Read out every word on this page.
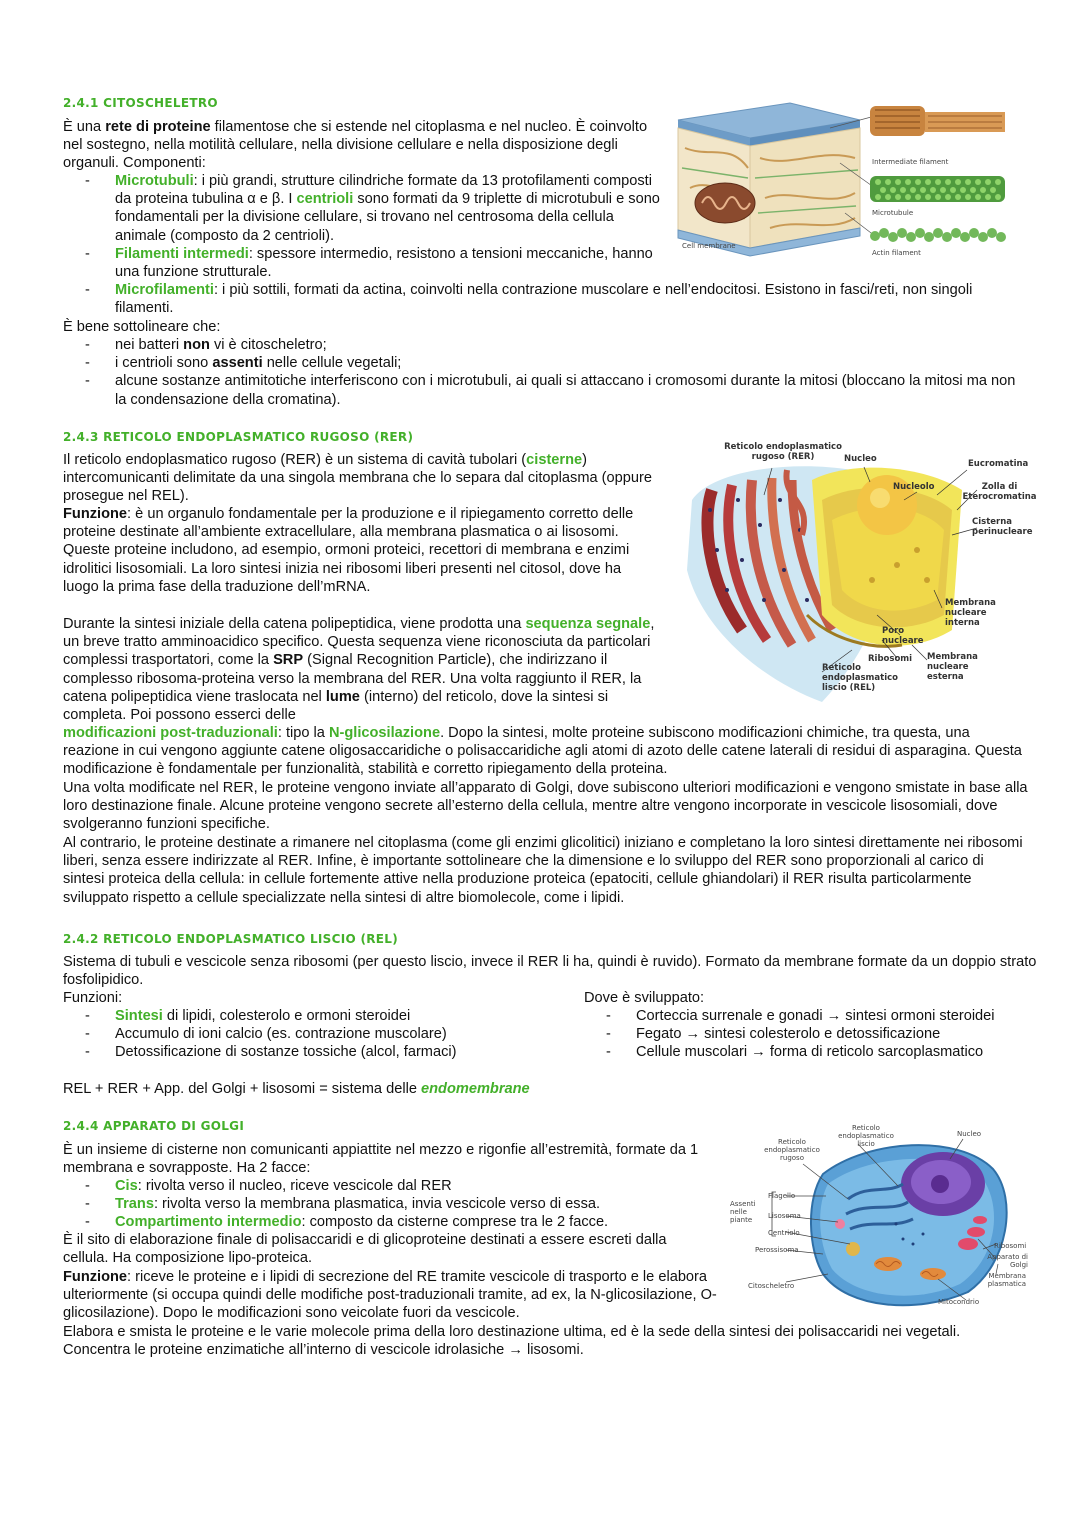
2.4.1 CITOSCHELETRO
È una rete di proteine filamentose che si estende nel citoplasma e nel nucleo. È coinvolto nel sostegno, nella motilità cellulare, nella divisione cellulare e nella disposizione degli organuli. Componenti:
- Microtubuli: i più grandi, strutture cilindriche formate da 13 protofilamenti composti da proteina tubulina α e β. I centrioli sono formati da 9 triplette di microtubuli e sono fondamentali per la divisione cellulare, si trovano nel centrosoma della cellula animale (composto da 2 centrioli).
- Filamenti intermedi: spessore intermedio, resistono a tensioni meccaniche, hanno una funzione strutturale.
- Microfilamenti: i più sottili, formati da actina, coinvolti nella contrazione muscolare e nell’endocitosi. Esistono in fasci/reti, non singoli filamenti.
È bene sottolineare che:
- nei batteri non vi è citoscheletro;
- i centrioli sono assenti nelle cellule vegetali;
- alcune sostanze antimitotiche interferiscono con i microtubuli, ai quali si attaccano i cromosomi durante la mitosi (bloccano la mitosi ma non la condensazione della cromatina).
Intermediate filament
Microtubule
Actin filament
Cell membrane
2.4.3 RETICOLO ENDOPLASMATICO RUGOSO (RER)
Il reticolo endoplasmatico rugoso (RER) è un sistema di cavità tubolari (cisterne) intercomunicanti delimitate da una singola membrana che lo separa dal citoplasma (oppure prosegue nel REL).
Funzione: è un organulo fondamentale per la produzione e il ripiegamento corretto delle proteine destinate all’ambiente extracellulare, alla membrana plasmatica o ai lisosomi. Queste proteine includono, ad esempio, ormoni proteici, recettori di membrana e enzimi idrolitici lisosomiali. La loro sintesi inizia nei ribosomi liberi presenti nel citosol, dove ha luogo la prima fase della traduzione dell’mRNA.
Durante la sintesi iniziale della catena polipeptidica, viene prodotta una sequenza segnale, un breve tratto amminoacidico specifico. Questa sequenza viene riconosciuta da particolari complessi trasportatori, come la SRP (Signal Recognition Particle), che indirizzano il complesso ribosoma-proteina verso la membrana del RER. Una volta raggiunto il RER, la catena polipeptidica viene traslocata nel lume (interno) del reticolo, dove la sintesi si completa. Poi possono esserci delle
modificazioni post-traduzionali: tipo la N-glicosilazione. Dopo la sintesi, molte proteine subiscono modificazioni chimiche, tra questa, una reazione in cui vengono aggiunte catene oligosaccaridiche o polisaccaridiche agli atomi di azoto delle catene laterali di residui di asparagina. Questa modificazione è fondamentale per funzionalità, stabilità e corretto ripiegamento della proteina.
Una volta modificate nel RER, le proteine vengono inviate all’apparato di Golgi, dove subiscono ulteriori modificazioni e vengono smistate in base alla loro destinazione finale. Alcune proteine vengono secrete all’esterno della cellula, mentre altre vengono incorporate in vescicole lisosomiali, dove svolgeranno funzioni specifiche.
Al contrario, le proteine destinate a rimanere nel citoplasma (come gli enzimi glicolitici) iniziano e completano la loro sintesi direttamente nei ribosomi liberi, senza essere indirizzate al RER. Infine, è importante sottolineare che la dimensione e lo sviluppo del RER sono proporzionali al carico di sintesi proteica della cellula: in cellule fortemente attive nella produzione proteica (epatociti, cellule ghiandolari) il RER risulta particolarmente sviluppato rispetto a cellule specializzate nella sintesi di altre biomolecole, come i lipidi.
Reticolo endoplasmatico rugoso (RER)	Nucleo	Eucromatina
Nucleolo	Zolla di Eterocromatina
Cisterna perinucleare
Membrana nucleare interna
Poro nucleare
Ribosomi
Reticolo endoplasmatico liscio (REL)
Membrana nucleare esterna
2.4.2 RETICOLO ENDOPLASMATICO LISCIO (REL)
Sistema di tubuli e vescicole senza ribosomi (per questo liscio, invece il RER li ha, quindi è ruvido). Formato da membrane formate da un doppio strato fosfolipidico.
Funzioni:
- Sintesi di lipidi, colesterolo e ormoni steroidei
- Accumulo di ioni calcio (es. contrazione muscolare)
- Detossificazione di sostanze tossiche (alcol, farmaci)
Dove è sviluppato:
- Corteccia surrenale e gonadi → sintesi ormoni steroidei
- Fegato → sintesi colesterolo e detossificazione
- Cellule muscolari → forma di reticolo sarcoplasmatico
REL + RER + App. del Golgi + lisosomi = sistema delle endomembrane
2.4.4 APPARATO DI GOLGI
È un insieme di cisterne non comunicanti appiattite nel mezzo e rigonfie all’estremità, formate da 1 membrana e sovrapposte. Ha 2 facce:
- Cis: rivolta verso il nucleo, riceve vescicole dal RER
- Trans: rivolta verso la membrana plasmatica, invia vescicole verso di essa.
- Compartimento intermedio: composto da cisterne comprese tra le 2 facce.
È il sito di elaborazione finale di polisaccaridi e di glicoproteine destinati a essere escreti dalla cellula. Ha composizione lipo-proteica.
Funzione: riceve le proteine e i lipidi di secrezione del RE tramite vescicole di trasporto e le elabora ulteriormente (si occupa quindi delle modifiche post-traduzionali tramite, ad ex, la N-glicosilazione, O-glicosilazione). Dopo le modificazioni sono veicolate fuori da vescicole.
Elabora e smista le proteine e le varie molecole prima della loro destinazione ultima, ed è la sede della sintesi dei polisaccaridi nei vegetali. Concentra le proteine enzimatiche all’interno di vescicole idrolasiche → lisosomi.
Reticolo endoplasmatico rugoso
Reticolo endoplasmatico liscio
Nucleo
Assenti nelle piante
Flagello
Lisosoma
Centriolo
Perossisoma
Citoscheletro
Ribosomi
Apparato di Golgi
Membrana plasmatica
Mitocondrio
